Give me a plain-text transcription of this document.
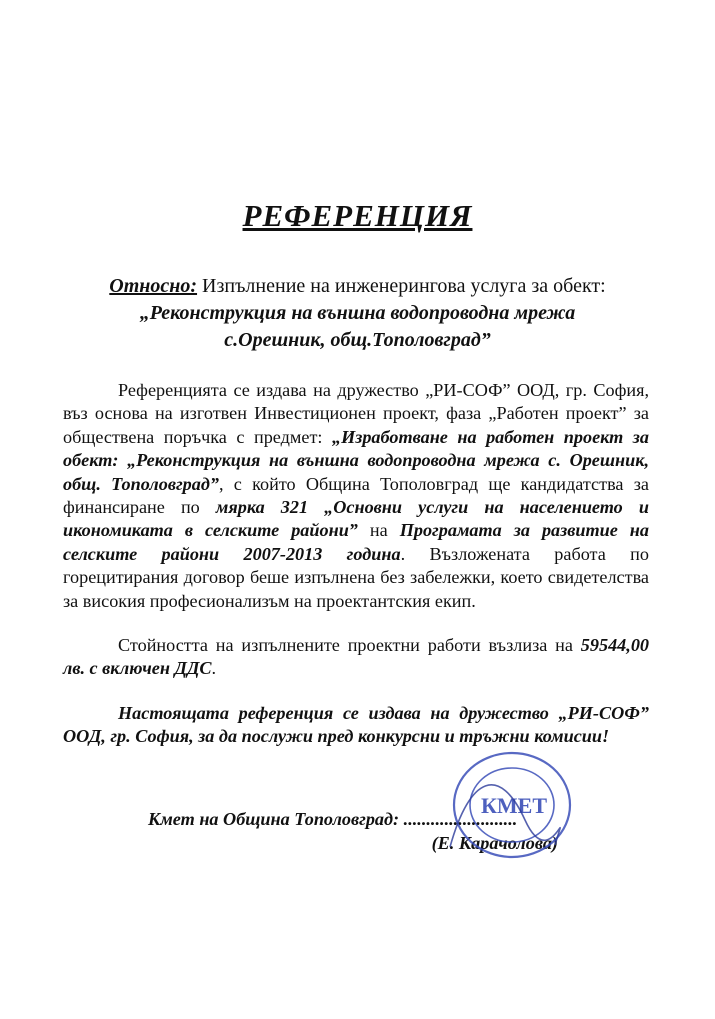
РЕФЕРЕНЦИЯ
Относно: Изпълнение на инженерингова услуга за обект:
„Реконструкция на външна водопроводна мрежа
с.Орешник, общ.Тополовград”

Референцията се издава на дружество „РИ-СОФ” ООД, гр. София, въз основа на изготвен Инвестиционен проект, фаза „Работен проект” за обществена поръчка с предмет: „Изработване на работен проект за обект: „Реконструкция на външна водопроводна мрежа с. Орешник, общ. Тополовград”, с който Община Тополовград ще кандидатства за финансиране по мярка 321 „Основни услуги на населението и икономиката в селските райони” на Програмата за развитие на селските райони 2007-2013 година. Възложената работа по горецитирания договор беше изпълнена без забележки, което свидетелства за високия професионализъм на проектантския екип.

Стойността на изпълнените проектни работи възлиза на 59544,00 лв. с включен ДДС.

Настоящата референция се издава на дружество „РИ-СОФ” ООД, гр. София, за да послужи пред конкурсни и тръжни комисии!

Кмет на Община Тополовград: .........................
(Е. Карачолова)
КМЕТ
